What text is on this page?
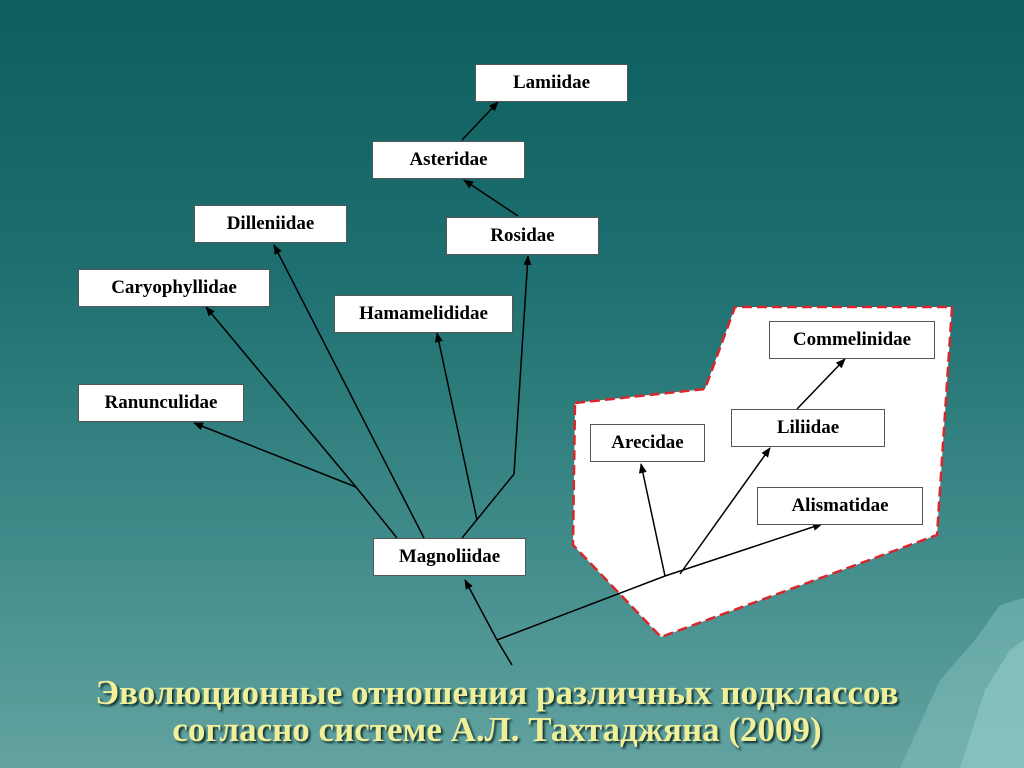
Lamiidae
Asteridae
Dilleniidae
Rosidae
Caryophyllidae
Hamamelididae
Ranunculidae
Magnoliidae
Commelinidae
Arecidae
Liliidae
Alismatidae
Эволюционные отношения различных подклассов
согласно системе А.Л. Тахтаджяна (2009)
